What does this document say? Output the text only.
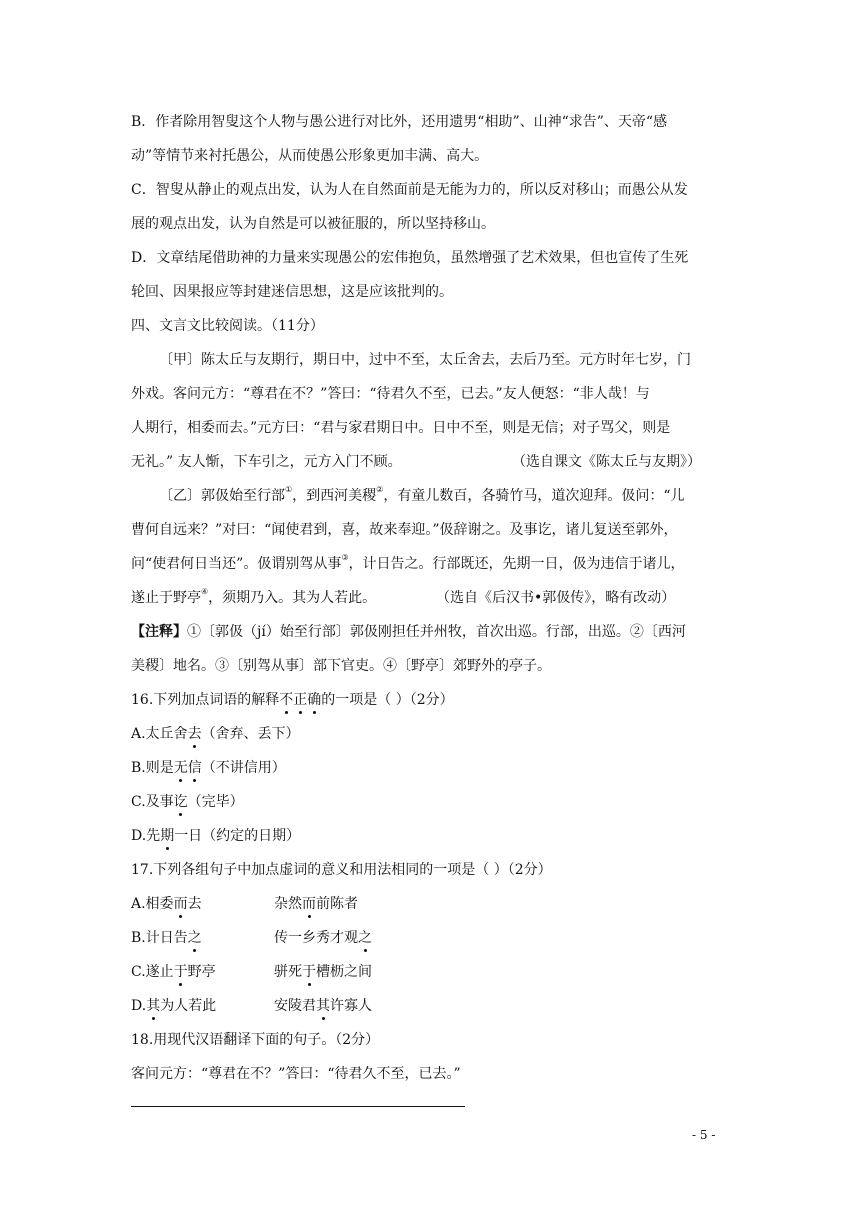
B．作者除用智叟这个人物与愚公进行对比外，还用遗男“相助”、山神“求告”、天帝“感
动”等情节来衬托愚公，从而使愚公形象更加丰满、高大。
C．智叟从静止的观点出发，认为人在自然面前是无能为力的，所以反对移山；而愚公从发
展的观点出发，认为自然是可以被征服的，所以坚持移山。
D．文章结尾借助神的力量来实现愚公的宏伟抱负，虽然增强了艺术效果，但也宣传了生死
轮回、因果报应等封建迷信思想，这是应该批判的。
四、文言文比较阅读。（11分）
〔甲〕陈太丘与友期行，期日中，过中不至，太丘舍去，去后乃至。元方时年七岁，门
外戏。客问元方：“尊君在不？”答曰：“待君久不至，已去。”友人便怒：“非人哉！与
人期行，相委而去。”元方曰：“君与家君期日中。日中不至，则是无信；对子骂父，则是
无礼。” 友人惭，下车引之，元方入门不顾。	（选自课文《陈太丘与友期》）
〔乙〕郭伋始至行部①，到西河美稷②，有童儿数百，各骑竹马，道次迎拜。伋问：“儿
曹何自远来？”对曰：“闻使君到，喜，故来奉迎。”伋辞谢之。及事讫，诸儿复送至郭外，
问“使君何日当还”。伋谓别驾从事③，计日告之。行部既还，先期一日，伋为违信于诸儿，
遂止于野亭④，须期乃入。其为人若此。	（选自《后汉书•郭伋传》，略有改动）
【注释】①〔郭伋（jí）始至行部〕郭伋刚担任并州牧，首次出巡。行部，出巡。②〔西河
美稷〕地名。③〔别驾从事〕部下官吏。④〔野亭〕郊野外的亭子。
16.下列加点词语的解释不正确的一项是（ ）（2分）
A.太丘舍去（舍弃、丢下）
B.则是无信（不讲信用）
C.及事讫（完毕）
D.先期一日（约定的日期）
17.下列各组句子中加点虚词的意义和用法相同的一项是（ ）（2分）
A.相委而去	杂然而前陈者
B.计日告之	传一乡秀才观之
C.遂止于野亭	骈死于槽枥之间
D.其为人若此	安陵君其许寡人
18.用现代汉语翻译下面的句子。（2分）
客问元方：“尊君在不？”答曰：“待君久不至，已去。”
- 5 -
